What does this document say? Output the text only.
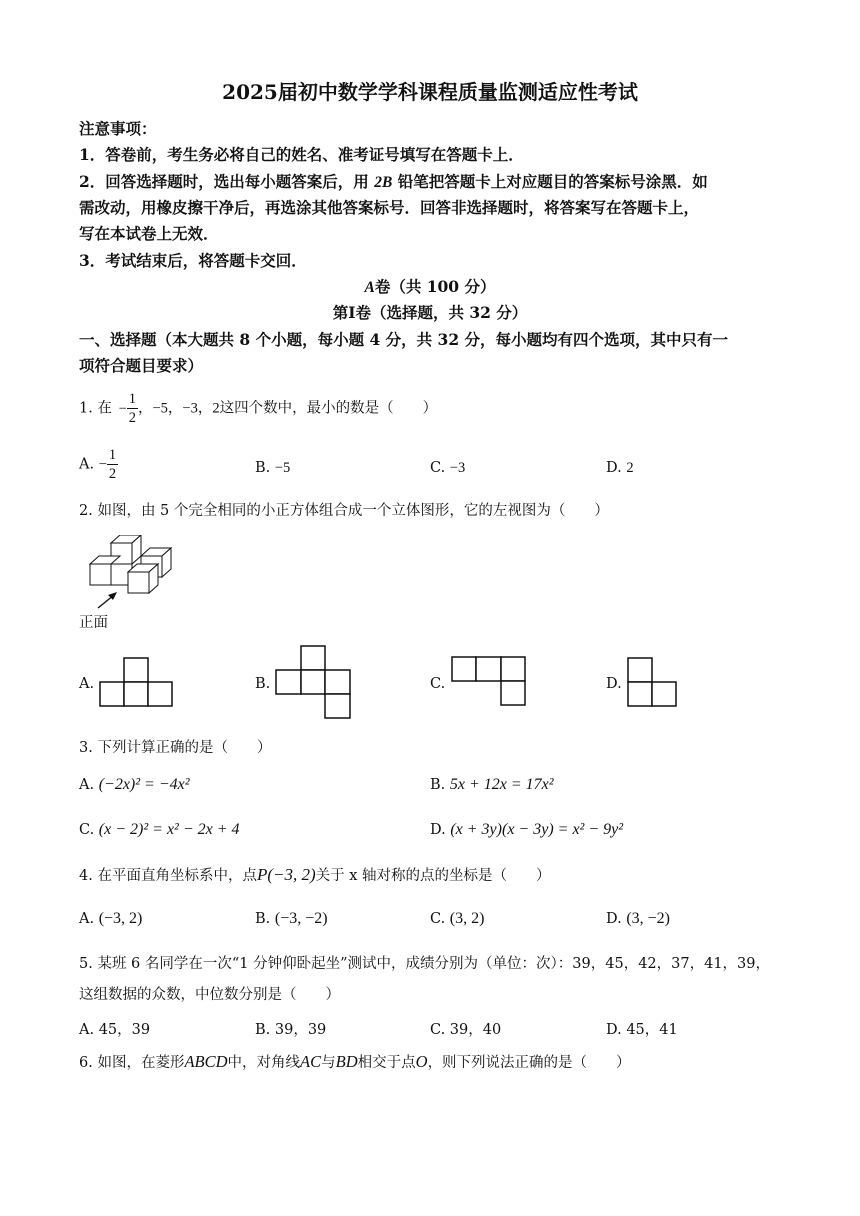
2025届初中数学学科课程质量监测适应性考试
注意事项：
1．答卷前，考生务必将自己的姓名、准考证号填写在答题卡上．
2．回答选择题时，选出每小题答案后，用 2B 铅笔把答题卡上对应题目的答案标号涂黑．如
需改动，用橡皮擦干净后，再选涂其他答案标号．回答非选择题时，将答案写在答题卡上，
写在本试卷上无效．
3．考试结束后，将答题卡交回．
A卷（共 100 分）
第Ⅰ卷（选择题，共 32 分）
一、选择题（本大题共 8 个小题，每小题 4 分，共 32 分，每小题均有四个选项，其中只有一
项符合题目要求）
1. 在 − $\frac{1}{2}$ ，−5，−3，2这四个数中，最小的数是（　　）
A. − $\frac{1}{2}$	B. −5	C. −3	D. 2
2. 如图，由 5 个完全相同的小正方体组合成一个立体图形，它的左视图为（　　）
正面
A.	B.	C.	D.
3. 下列计算正确的是（　　）
A. (−2x)² = −4x²	B. 5x + 12x = 17x²
C. (x − 2)² = x² − 2x + 4	D. (x + 3y)(x − 3y) = x² − 9y²
4. 在平面直角坐标系中，点P(−3, 2)关于 x 轴对称的点的坐标是（　　）
A. (−3, 2)	B. (−3, −2)	C. (3, 2)	D. (3, −2)
5. 某班 6 名同学在一次“1 分钟仰卧起坐”测试中，成绩分别为（单位：次）：39，45，42，37，41，39，
这组数据的众数，中位数分别是（　　）
A. 45，39	B. 39，39	C. 39，40	D. 45，41
6. 如图，在菱形ABCD中，对角线AC与BD相交于点O，则下列说法正确的是（　　）
